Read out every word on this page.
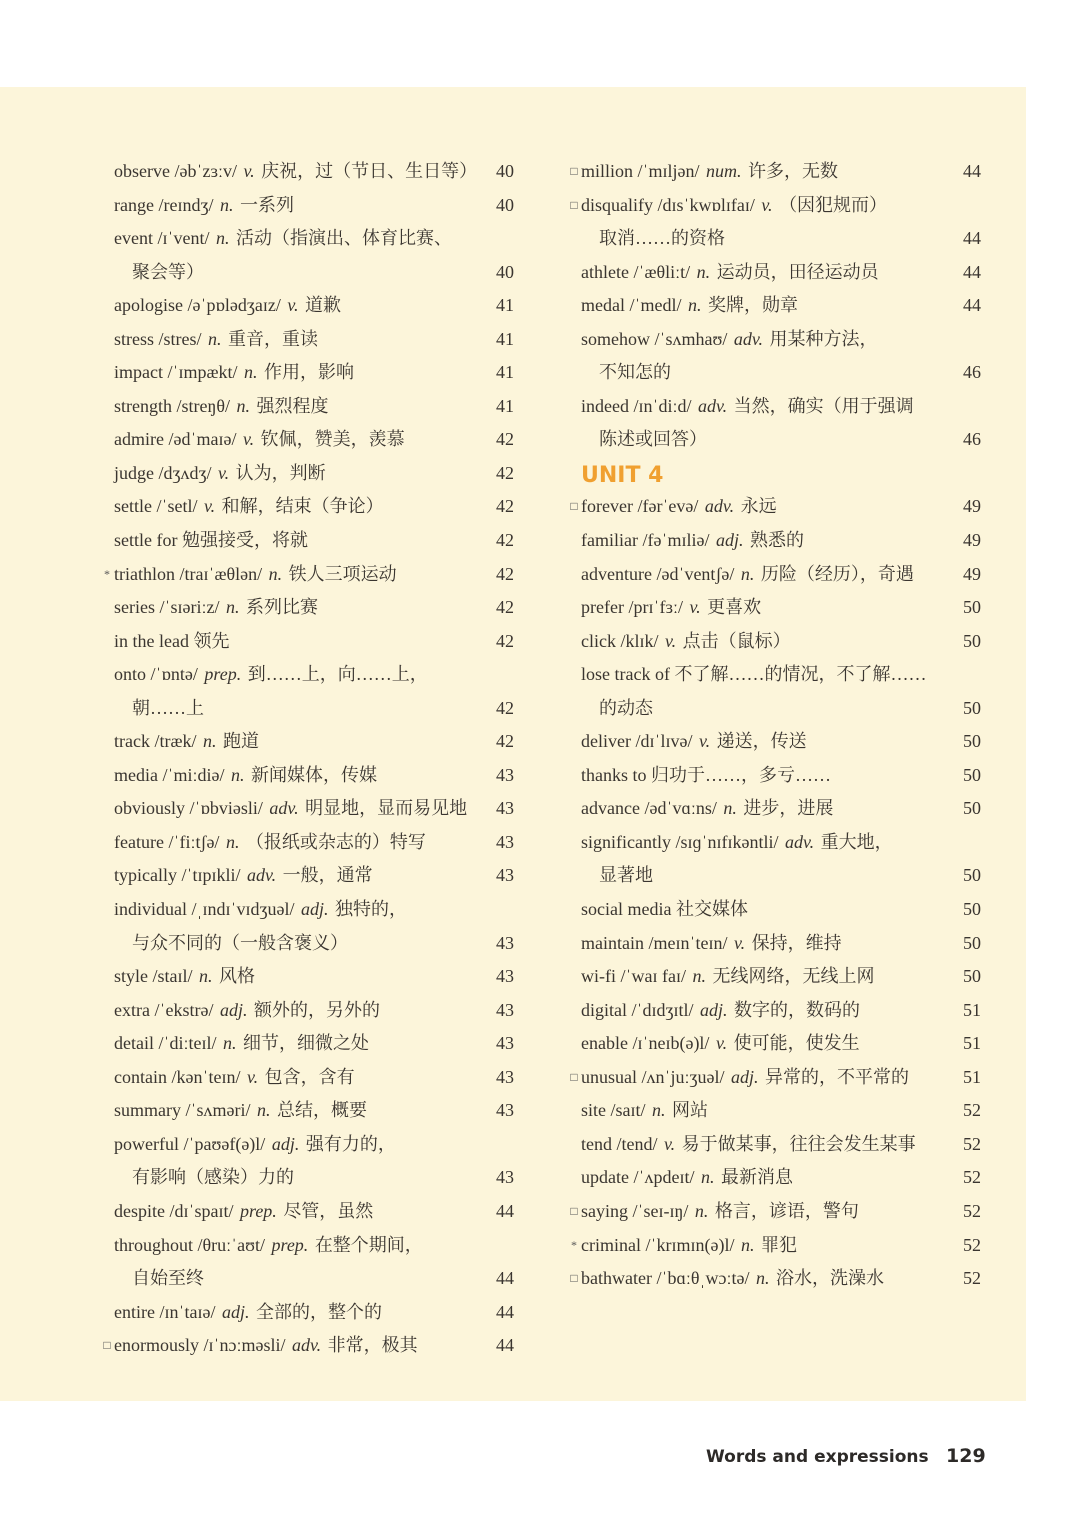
observe /əbˈzɜːv/ v. 庆祝，过（节日、生日等） 40
range /reɪndʒ/ n. 一系列	40
event /ɪˈvent/ n. 活动（指演出、体育比赛、
聚会等）	40
apologise /əˈpɒlədʒaɪz/ v. 道歉	41
stress /stres/ n. 重音，重读	41
impact /ˈɪmpækt/ n. 作用，影响	41
strength /streŋθ/ n. 强烈程度	41
admire /ədˈmaɪə/ v. 钦佩，赞美，羡慕	42
judge /dʒʌdʒ/ v. 认为，判断	42
settle /ˈsetl/ v. 和解，结束（争论）	42
settle for 勉强接受，将就	42
* triathlon /traɪˈæθlən/ n. 铁人三项运动	42
series /ˈsɪəriːz/ n. 系列比赛	42
in the lead 领先	42
onto /ˈɒntə/ prep. 到……上，向……上，
朝……上	42
track /træk/ n. 跑道	42
media /ˈmiːdiə/ n. 新闻媒体，传媒	43
obviously /ˈɒbviəsli/ adv. 明显地，显而易见地 43
feature /ˈfiːtʃə/ n. （报纸或杂志的）特写	43
typically /ˈtɪpɪkli/ adv. 一般，通常	43
individual /ˌɪndɪˈvɪdʒuəl/ adj. 独特的，
与众不同的（一般含褒义）	43
style /staɪl/ n. 风格	43
extra /ˈekstrə/ adj. 额外的，另外的	43
detail /ˈdiːteɪl/ n. 细节，细微之处	43
contain /kənˈteɪn/ v. 包含，含有	43
summary /ˈsʌməri/ n. 总结，概要	43
powerful /ˈpaʊəf(ə)l/ adj. 强有力的，
有影响（感染）力的	43
despite /dɪˈspaɪt/ prep. 尽管，虽然	44
throughout /θruːˈaʊt/ prep. 在整个期间，
自始至终	44
entire /ɪnˈtaɪə/ adj. 全部的，整个的	44
□ enormously /ɪˈnɔːməsli/ adv. 非常，极其	44
□ million /ˈmɪljən/ num. 许多，无数	44
□ disqualify /dɪsˈkwɒlɪfaɪ/ v. （因犯规而）
取消……的资格	44
athlete /ˈæθliːt/ n. 运动员，田径运动员	44
medal /ˈmedl/ n. 奖牌，勋章	44
somehow /ˈsʌmhaʊ/ adv. 用某种方法，
不知怎的	46
indeed /ɪnˈdiːd/ adv. 当然，确实（用于强调
陈述或回答）	46
UNIT 4
□ forever /fərˈevə/ adv. 永远	49
familiar /fəˈmɪliə/ adj. 熟悉的	49
adventure /ədˈventʃə/ n. 历险（经历），奇遇	49
prefer /prɪˈfɜː/ v. 更喜欢	50
click /klɪk/ v. 点击（鼠标）	50
lose track of 不了解……的情况，不了解……
的动态	50
deliver /dɪˈlɪvə/ v. 递送，传送	50
thanks to 归功于……，多亏……	50
advance /ədˈvɑːns/ n. 进步，进展	50
significantly /sɪɡˈnɪfɪkəntli/ adv. 重大地，
显著地	50
social media 社交媒体	50
maintain /meɪnˈteɪn/ v. 保持，维持	50
wi-fi /ˈwaɪ faɪ/ n. 无线网络，无线上网	50
digital /ˈdɪdʒɪtl/ adj. 数字的，数码的	51
enable /ɪˈneɪb(ə)l/ v. 使可能，使发生	51
□ unusual /ʌnˈjuːʒuəl/ adj. 异常的，不平常的	51
site /saɪt/ n. 网站	52
tend /tend/ v. 易于做某事，往往会发生某事	52
update /ˈʌpdeɪt/ n. 最新消息	52
□ saying /ˈseɪ-ɪŋ/ n. 格言，谚语，警句	52
* criminal /ˈkrɪmɪn(ə)l/ n. 罪犯	52
□ bathwater /ˈbɑːθˌwɔːtə/ n. 浴水，洗澡水	52
Words and expressions 129
